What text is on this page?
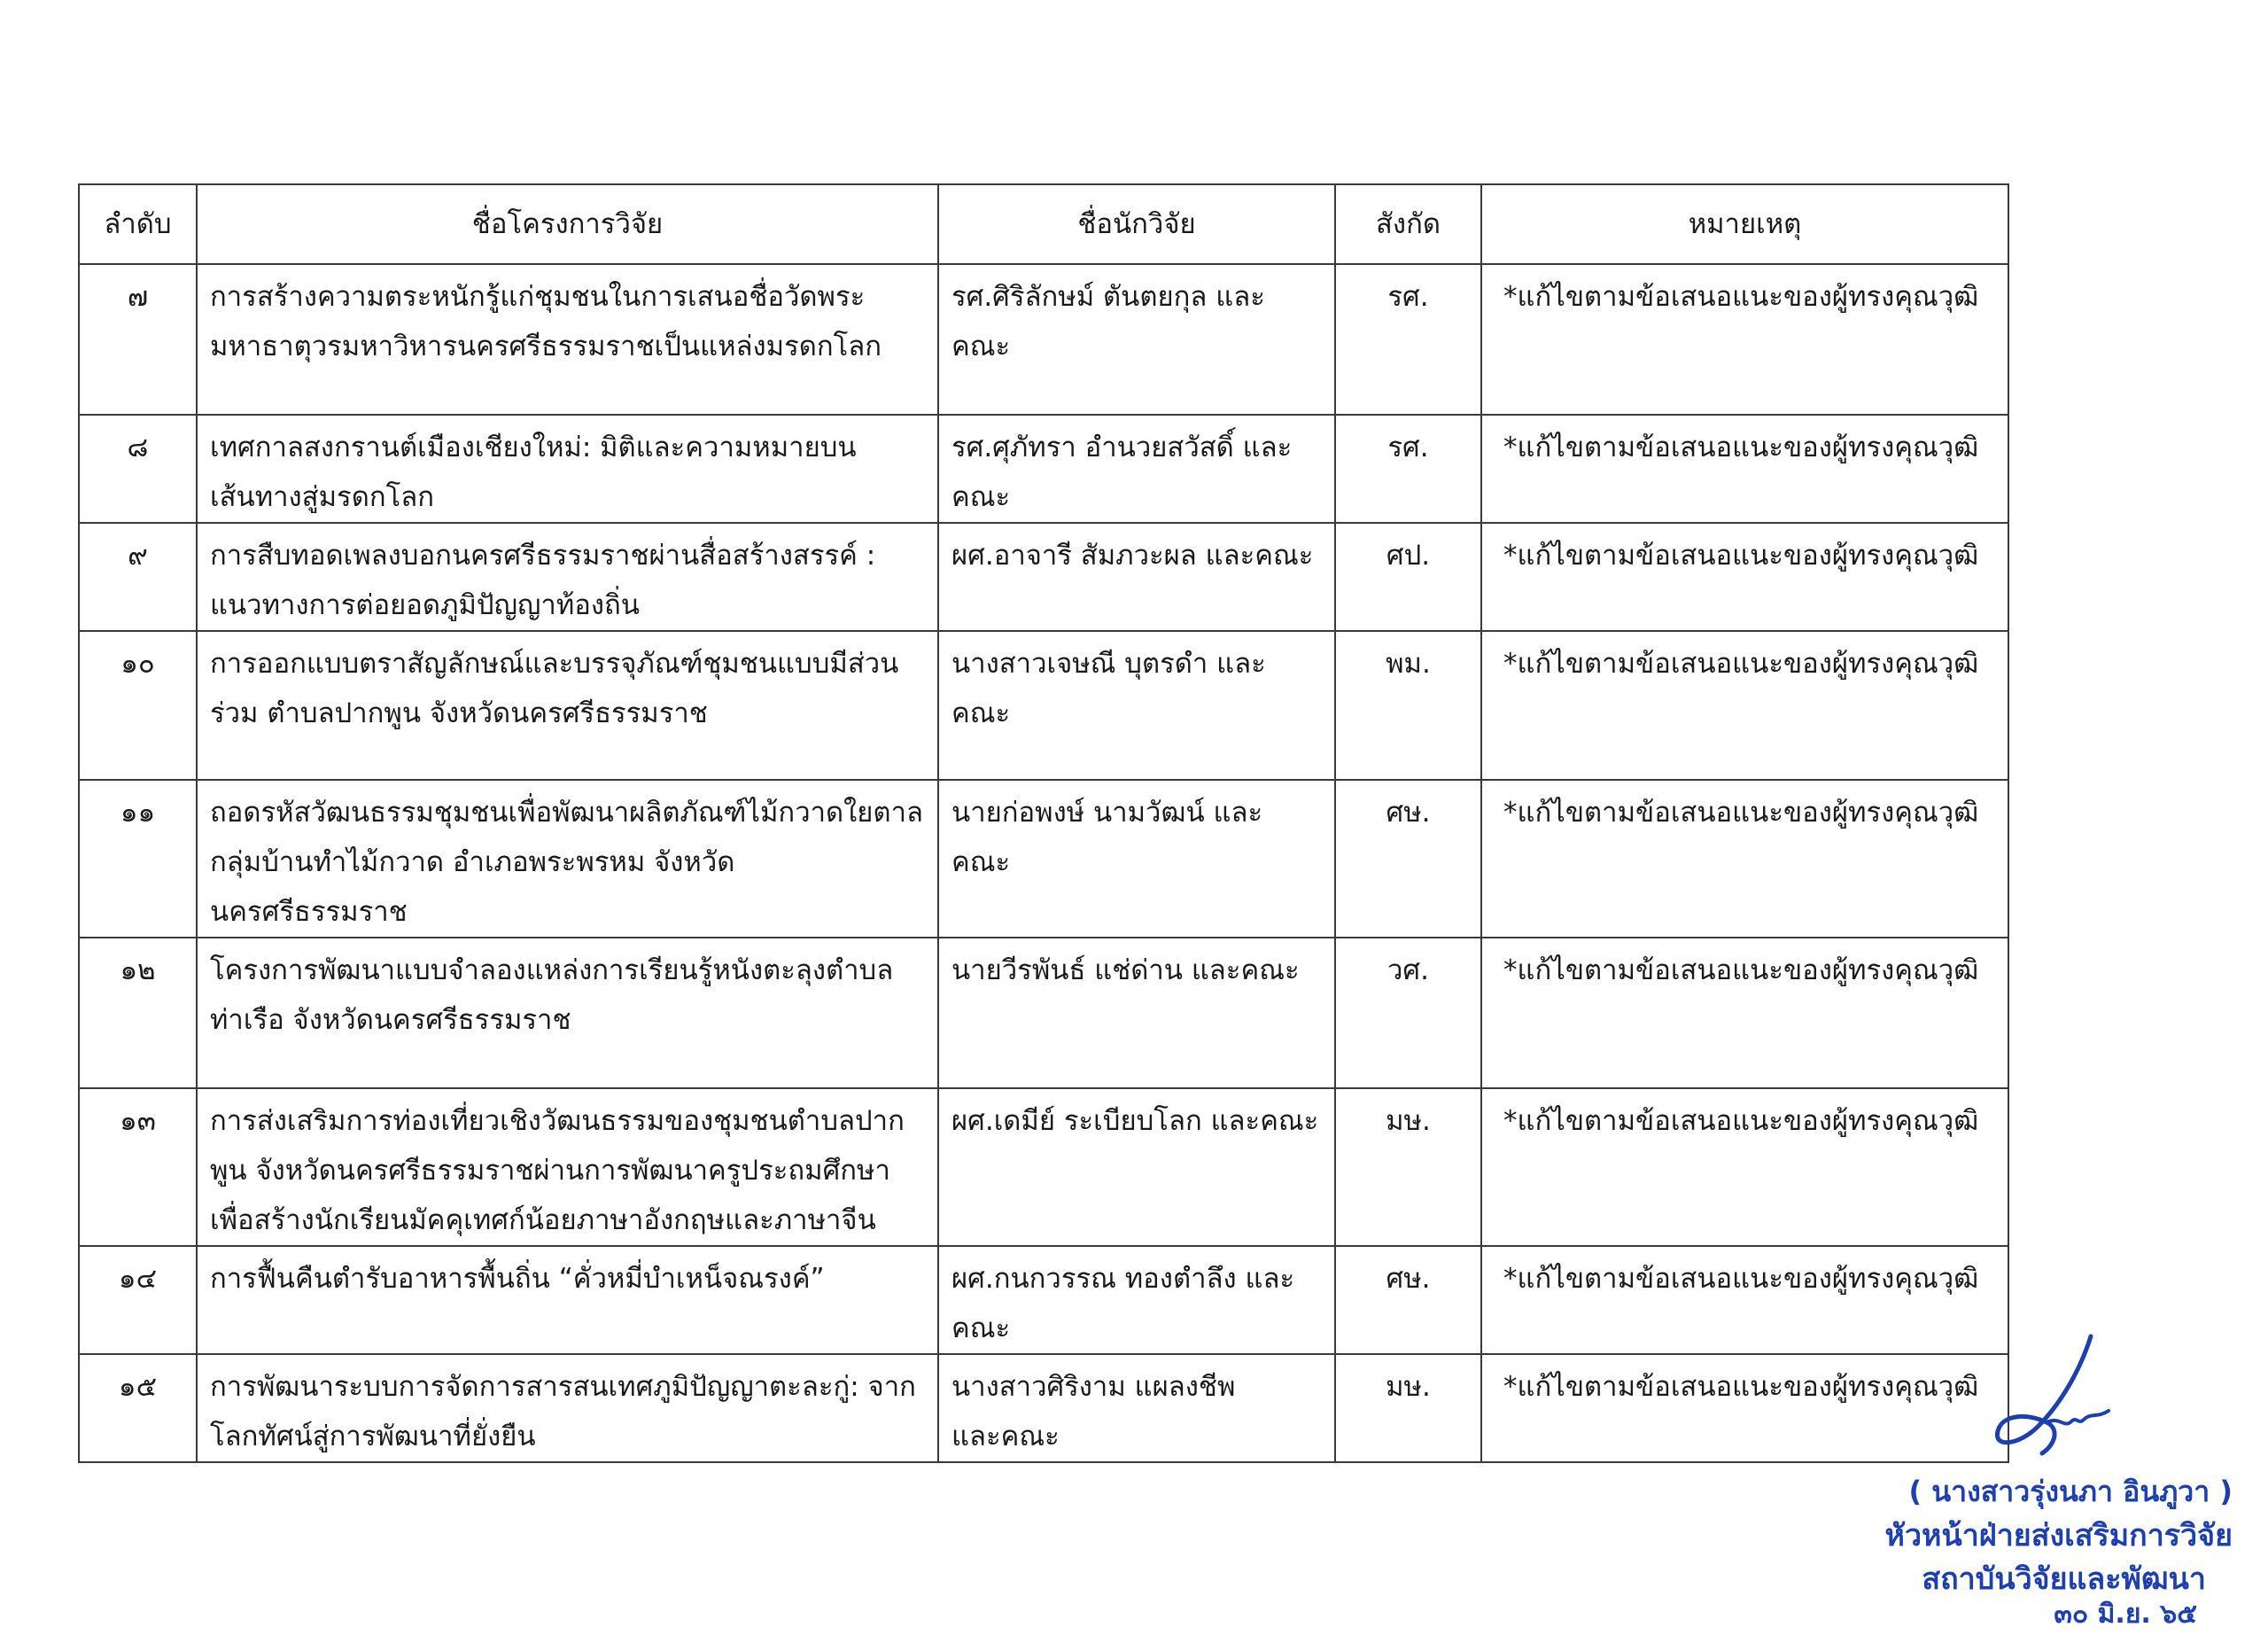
ลำดับ	ชื่อโครงการวิจัย	ชื่อนักวิจัย	สังกัด	หมายเหตุ

๗	การสร้างความตระหนักรู้แก่ชุมชนในการเสนอชื่อวัดพระ
มหาธาตุวรมหาวิหารนครศรีธรรมราชเป็นแหล่งมรดกโลก	รศ.ศิริลักษม์ ตันตยกุล และคณะ	รศ.	*แก้ไขตามข้อเสนอแนะของผู้ทรงคุณวุฒิ

๘	เทศกาลสงกรานต์เมืองเชียงใหม่: มิติและความหมายบน
เส้นทางสู่มรดกโลก	รศ.ศุภัทรา อำนวยสวัสดิ์ และ
คณะ	รศ.	*แก้ไขตามข้อเสนอแนะของผู้ทรงคุณวุฒิ

๙	การสืบทอดเพลงบอกนครศรีธรรมราชผ่านสื่อสร้างสรรค์ :
แนวทางการต่อยอดภูมิปัญญาท้องถิ่น	ผศ.อาจารี สัมภวะผล และคณะ	ศป.	*แก้ไขตามข้อเสนอแนะของผู้ทรงคุณวุฒิ

๑๐	การออกแบบตราสัญลักษณ์และบรรจุภัณฑ์ชุมชนแบบมีส่วน
ร่วม ตำบลปากพูน จังหวัดนครศรีธรรมราช	นางสาวเจษณี บุตรดำ และคณะ	พม.	*แก้ไขตามข้อเสนอแนะของผู้ทรงคุณวุฒิ

๑๑	ถอดรหัสวัฒนธรรมชุมชนเพื่อพัฒนาผลิตภัณฑ์ไม้กวาดใยตาล
กลุ่มบ้านทำไม้กวาด อำเภอพระพรหม จังหวัด
นครศรีธรรมราช	นายก่อพงษ์ นามวัฒน์ และ
คณะ	ศษ.	*แก้ไขตามข้อเสนอแนะของผู้ทรงคุณวุฒิ

๑๒	โครงการพัฒนาแบบจำลองแหล่งการเรียนรู้หนังตะลุงตำบล
ท่าเรือ จังหวัดนครศรีธรรมราช	นายวีรพันธ์ แช่ด่าน และคณะ	วศ.	*แก้ไขตามข้อเสนอแนะของผู้ทรงคุณวุฒิ

๑๓	การส่งเสริมการท่องเที่ยวเชิงวัฒนธรรมของชุมชนตำบลปาก
พูน จังหวัดนครศรีธรรมราชผ่านการพัฒนาครูประถมศึกษา
เพื่อสร้างนักเรียนมัคคุเทศก์น้อยภาษาอังกฤษและภาษาจีน	ผศ.เดมีย์ ระเบียบโลก และคณะ	มษ.	*แก้ไขตามข้อเสนอแนะของผู้ทรงคุณวุฒิ

๑๔	การฟื้นคืนตำรับอาหารพื้นถิ่น “คั่วหมี่บำเหน็จณรงค์”	ผศ.กนกวรรณ ทองตำลึง และ
คณะ	ศษ.	*แก้ไขตามข้อเสนอแนะของผู้ทรงคุณวุฒิ

๑๕	การพัฒนาระบบการจัดการสารสนเทศภูมิปัญญาตะละกู่: จาก
โลกทัศน์สู่การพัฒนาที่ยั่งยืน	นางสาวศิริงาม แผลงชีพ
และคณะ	มษ.	*แก้ไขตามข้อเสนอแนะของผู้ทรงคุณวุฒิ
( นางสาวรุ่งนภา อินภูวา )
หัวหน้าฝ่ายส่งเสริมการวิจัย
สถาบันวิจัยและพัฒนา
๓๐ มิ.ย. ๖๕
